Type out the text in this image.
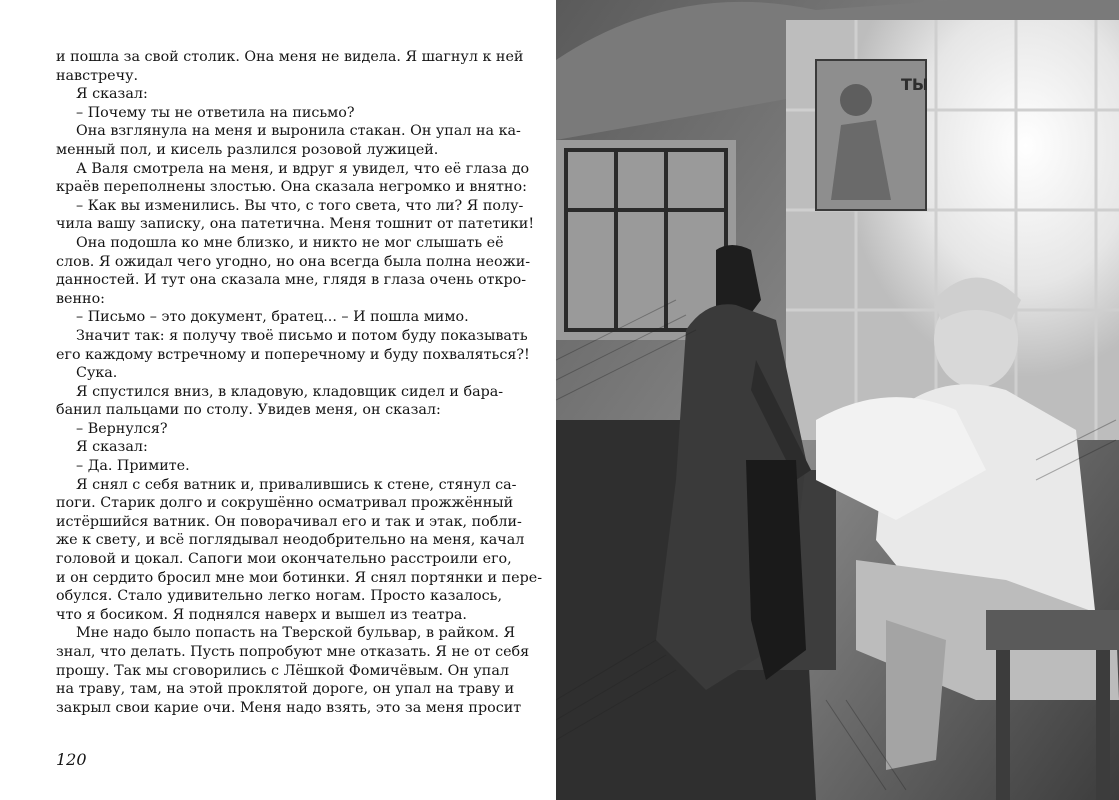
и пошла за свой столик. Она меня не видела. Я шагнул к ней
навстречу.
Я сказал:
– Почему ты не ответила на письмо?
Она взглянула на меня и выронила стакан. Он упал на ка-
менный пол, и кисель разлился розовой лужицей.
А Валя смотрела на меня, и вдруг я увидел, что её глаза до
краёв переполнены злостью. Она сказала негромко и внятно:
– Как вы изменились. Вы что, с того света, что ли? Я полу-
чила вашу записку, она патетична. Меня тошнит от патетики!
Она подошла ко мне близко, и никто не мог слышать её
слов. Я ожидал чего угодно, но она всегда была полна неожи-
данностей. И тут она сказала мне, глядя в глаза очень откро-
венно:
– Письмо – это документ, братец... – И пошла мимо.
Значит так: я получу твоё письмо и потом буду показывать
его каждому встречному и поперечному и буду похваляться?!
Сука.
Я спустился вниз, в кладовую, кладовщик сидел и бара-
банил пальцами по столу. Увидев меня, он сказал:
– Вернулся?
Я сказал:
– Да. Примите.
Я снял с себя ватник и, привалившись к стене, стянул са-
поги. Старик долго и сокрушённо осматривал прожжённый
истёршийся ватник. Он поворачивал его и так и этак, побли-
же к свету, и всё поглядывал неодобрительно на меня, качал
головой и цокал. Сапоги мои окончательно расстроили его,
и он сердито бросил мне мои ботинки. Я снял портянки и пере-
обулся. Стало удивительно легко ногам. Просто казалось,
что я босиком. Я поднялся наверх и вышел из театра.
Мне надо было попасть на Тверской бульвар, в райком. Я
знал, что делать. Пусть попробуют мне отказать. Я не от себя
прошу. Так мы сговорились с Лёшкой Фомичёвым. Он упал
на траву, там, на этой проклятой дороге, он упал на траву и
закрыл свои карие очи. Меня надо взять, это за меня просит
120
ТЫ
